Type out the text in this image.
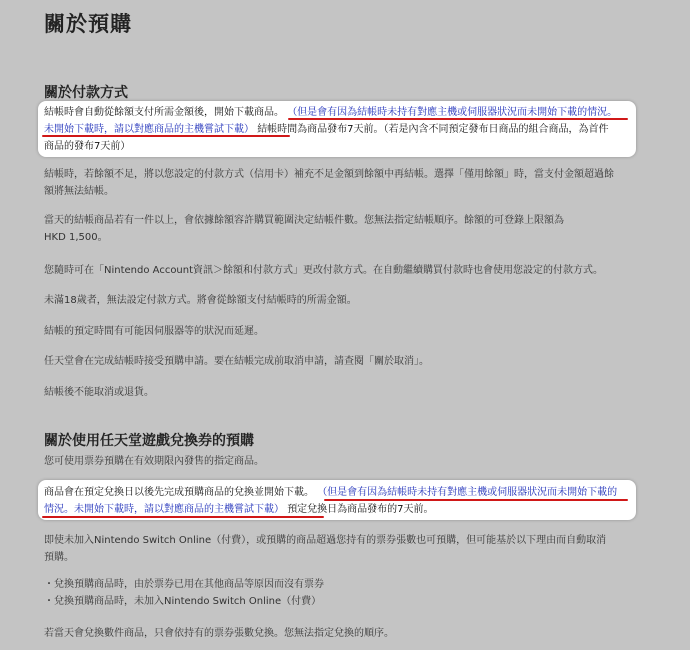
關於預購
關於付款方式
結帳時會自動從餘額支付所需金額後，開始下載商品。 （但是會有因為結帳時未持有對應主機或伺服器狀況而未開始下載的情況。
未開始下載時，請以對應商品的主機嘗試下載） 結帳時間為商品發布7天前。（若是內含不同預定發布日商品的組合商品，為首件
商品的發布7天前）
結帳時，若餘額不足，將以您設定的付款方式（信用卡）補充不足金額到餘額中再結帳。選擇「僅用餘額」時，當支付金額超過餘
額將無法結帳。
當天的結帳商品若有一件以上，會依據餘額容許購買範圍決定結帳件數。您無法指定結帳順序。餘額的可登錄上限額為
HKD 1,500。
您隨時可在「Nintendo Account資訊＞餘額和付款方式」更改付款方式。在自動繼續購買付款時也會使用您設定的付款方式。
未滿18歲者，無法設定付款方式。將會從餘額支付結帳時的所需金額。
結帳的預定時間有可能因伺服器等的狀況而延遲。
任天堂會在完成結帳時接受預購申請。要在結帳完成前取消申請，請查閱「關於取消」。
結帳後不能取消或退貨。
關於使用任天堂遊戲兌換券的預購
您可使用票券預購在有效期限內發售的指定商品。
商品會在預定兌換日以後先完成預購商品的兌換並開始下載。 （但是會有因為結帳時未持有對應主機或伺服器狀況而未開始下載的
情況。未開始下載時，請以對應商品的主機嘗試下載） 預定兌換日為商品發布的7天前。
即使未加入Nintendo Switch Online（付費），或預購的商品超過您持有的票券張數也可預購，但可能基於以下理由而自動取消
預購。
・兌換預購商品時，由於票券已用在其他商品等原因而沒有票券
・兌換預購商品時，未加入Nintendo Switch Online（付費）
若當天會兌換數件商品，只會依持有的票券張數兌換。您無法指定兌換的順序。
